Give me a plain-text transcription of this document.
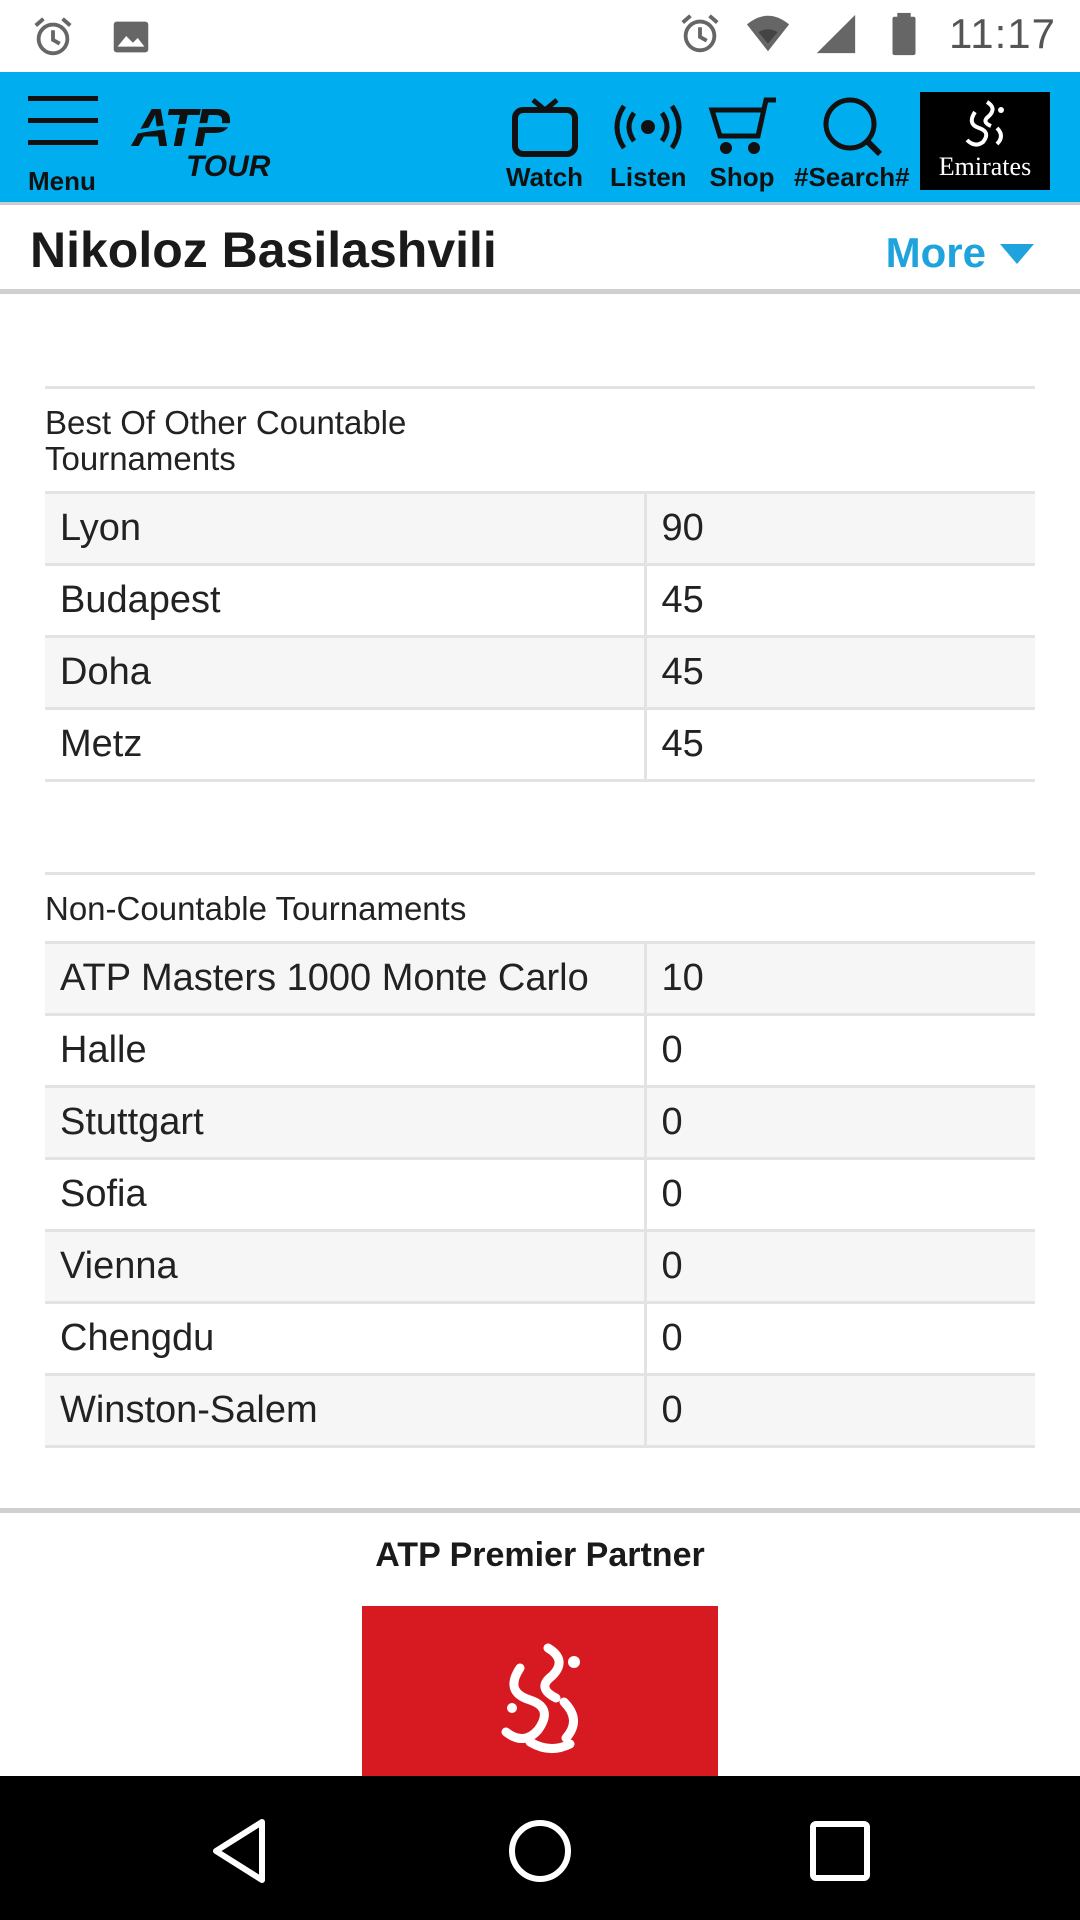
11:17
Menu
ATP
TOUR	Watch Listen Shop #Search# Emirates
Nikoloz Basilashvili	More
Best Of Other Countable
Tournaments
Lyon	90
Budapest	45
Doha	45
Metz	45
Non-Countable Tournaments
ATP Masters 1000 Monte Carlo	10
Halle	0
Stuttgart	0
Sofia	0
Vienna	0
Chengdu	0
Winston-Salem	0
ATP Premier Partner
